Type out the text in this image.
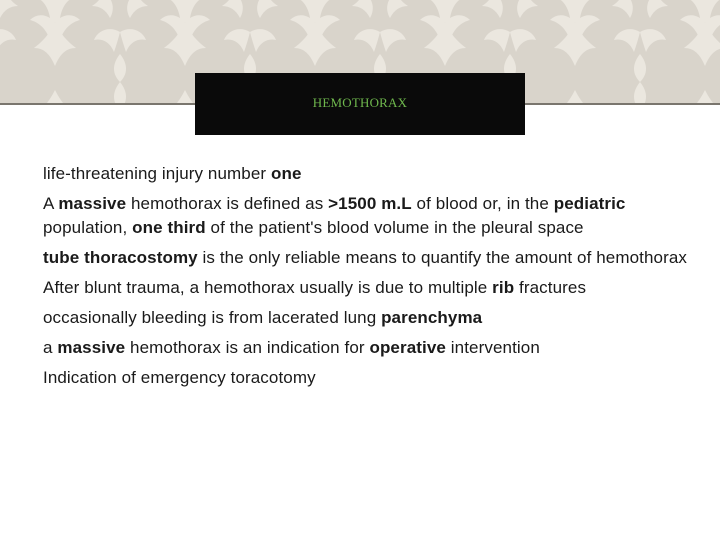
HEMOTHORAX

life-threatening injury number one

A massive hemothorax is defined as >1500 m.L of blood or, in the pediatric population, one third of the patient's blood volume in the pleural space

tube thoracostomy is the only reliable means to quantify the amount of hemothorax

After blunt trauma, a hemothorax usually is due to multiple rib fractures

occasionally bleeding is from lacerated lung parenchyma

a massive hemothorax is an indication for operative intervention

Indication of emergency toracotomy
